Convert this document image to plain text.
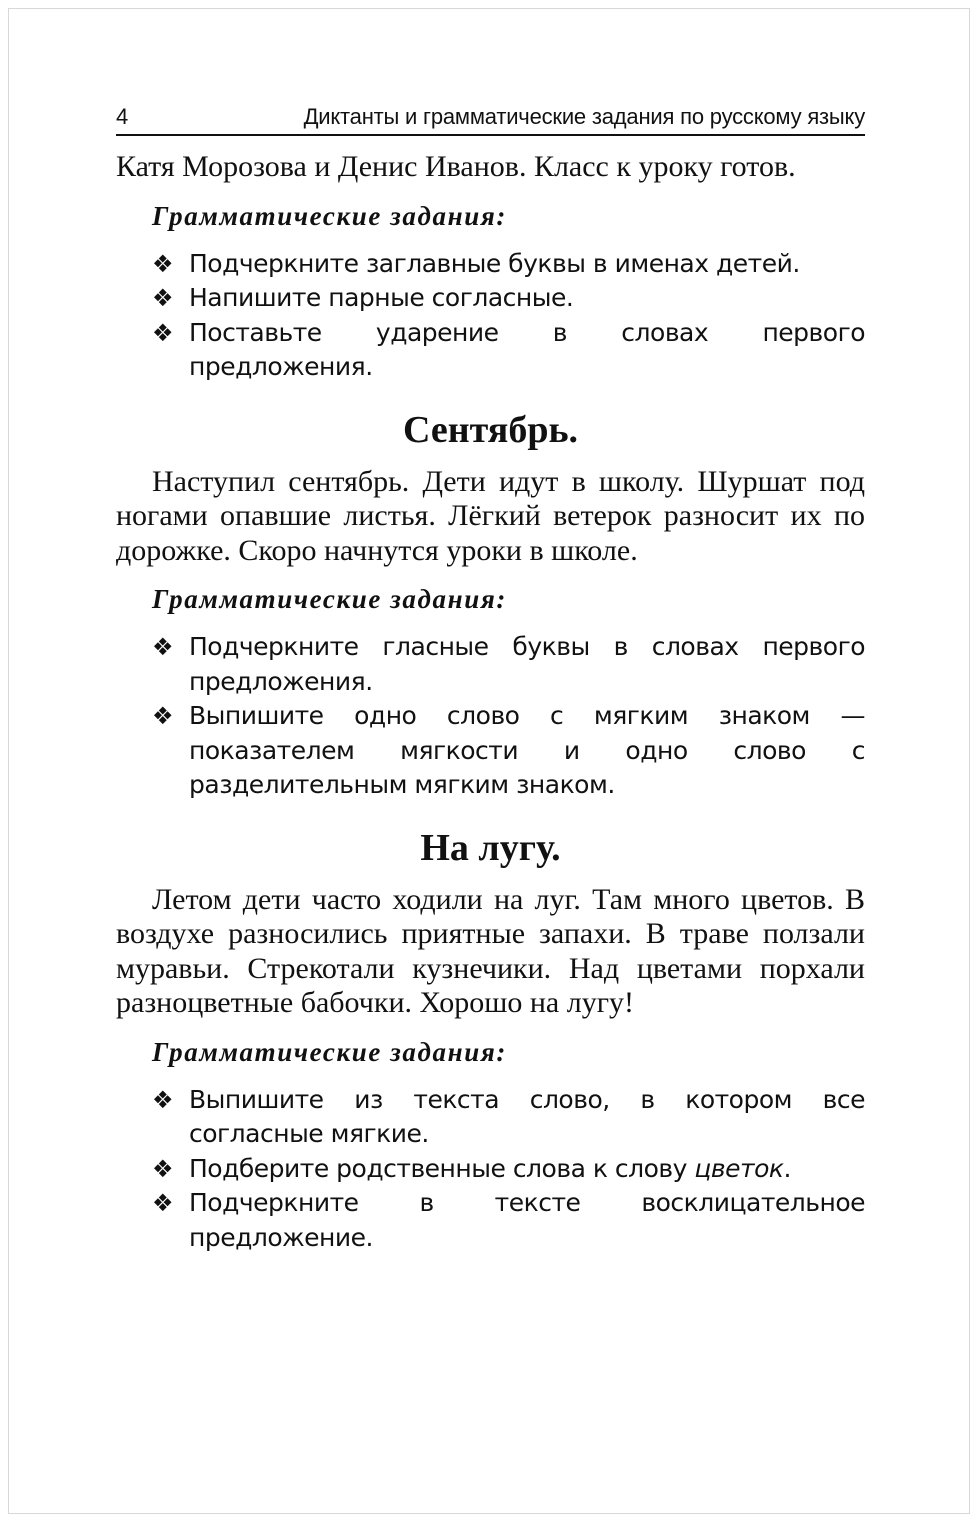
4	Диктанты и грамматические задания по русскому языку

Катя Морозова и Денис Иванов. Класс к уроку готов.

Грамматические задания:
❖ Подчеркните заглавные буквы в именах детей.
❖ Напишите парные согласные.
❖ Поставьте ударение в словах первого предложения.
Сентябрь.

Наступил сентябрь. Дети идут в школу. Шуршат под ногами опавшие листья. Лёгкий ветерок разносит их по дорожке. Скоро начнутся уроки в школе.

Грамматические задания:
❖ Подчеркните гласные буквы в словах первого предложения.
❖ Выпишите одно слово с мягким знаком — показателем мягкости и одно слово с разделительным мягким знаком.
На лугу.

Летом дети часто ходили на луг. Там много цветов. В воздухе разносились приятные запахи. В траве ползали муравьи. Стрекотали кузнечики. Над цветами порхали разноцветные бабочки. Хорошо на лугу!

Грамматические задания:
❖ Выпишите из текста слово, в котором все согласные мягкие.
❖ Подберите родственные слова к слову цветок.
❖ Подчеркните в тексте восклицательное предложение.
